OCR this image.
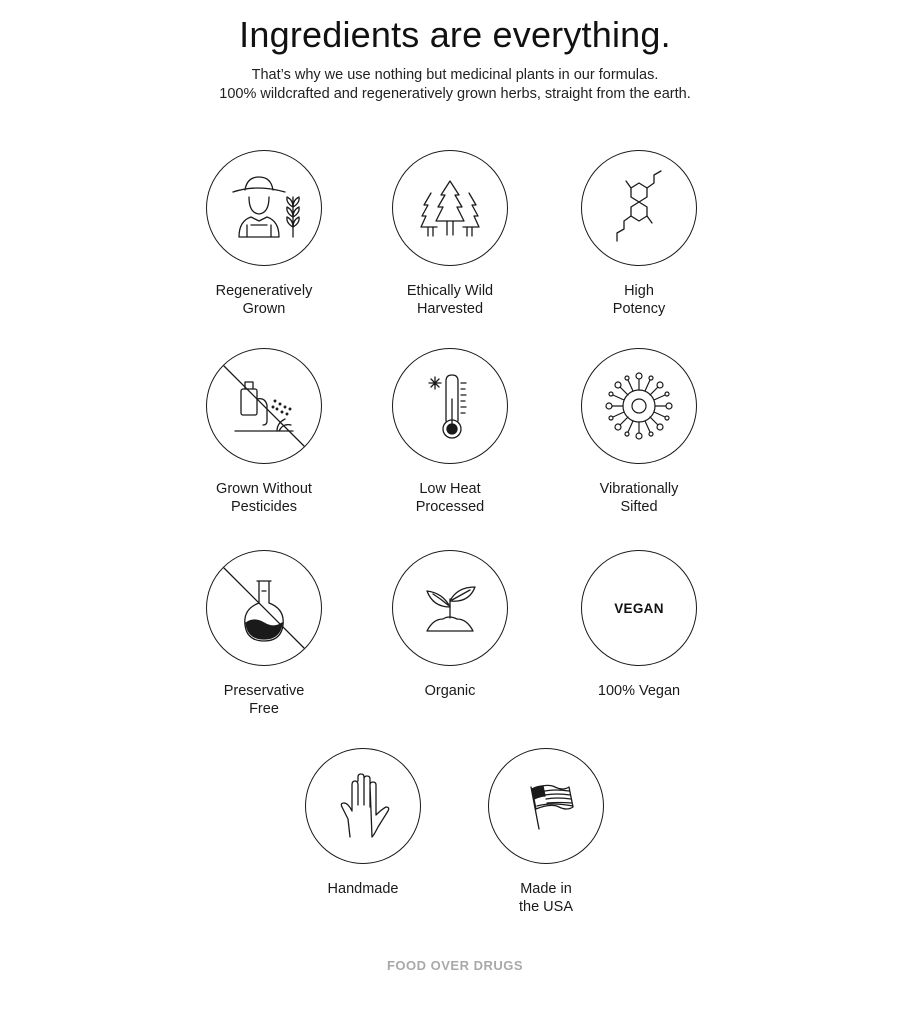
Ingredients are everything.

That’s why we use nothing but medicinal plants in our formulas.
100% wildcrafted and regeneratively grown herbs, straight from the earth.

Regeneratively
Grown
Ethically Wild
Harvested
High
Potency
Grown Without
Pesticides
Low Heat
Processed
Vibrationally
Sifted
Preservative
Free
Organic
VEGAN
100% Vegan
Handmade	Made in
the USA
FOOD OVER DRUGS
